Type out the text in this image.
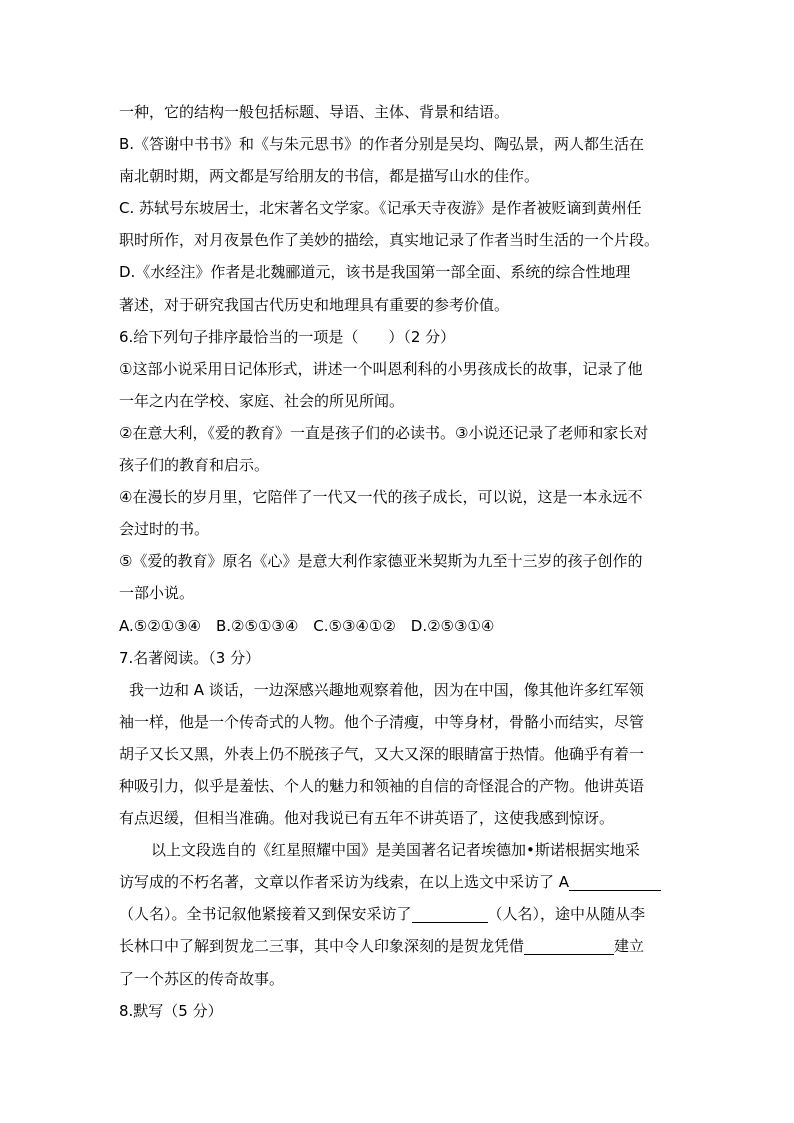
一种，它的结构一般包括标题、导语、主体、背景和结语。
B.《答谢中书书》和《与朱元思书》的作者分别是吴均、陶弘景，两人都生活在
南北朝时期，两文都是写给朋友的书信，都是描写山水的佳作。
C. 苏轼号东坡居士，北宋著名文学家。《记承天寺夜游》是作者被贬谪到黄州任
职时所作，对月夜景色作了美妙的描绘，真实地记录了作者当时生活的一个片段。
D.《水经注》作者是北魏郦道元，该书是我国第一部全面、系统的综合性地理
著述，对于研究我国古代历史和地理具有重要的参考价值。
6.给下列句子排序最恰当的一项是（　　）（2 分）
①这部小说采用日记体形式，讲述一个叫恩利科的小男孩成长的故事，记录了他
一年之内在学校、家庭、社会的所见所闻。
②在意大利，《爱的教育》一直是孩子们的必读书。③小说还记录了老师和家长对
孩子们的教育和启示。
④在漫长的岁月里，它陪伴了一代又一代的孩子成长，可以说，这是一本永远不
会过时的书。
⑤《爱的教育》原名《心》是意大利作家德亚米契斯为九至十三岁的孩子创作的
一部小说。
A.⑤②①③④　B.②⑤①③④　C.⑤③④①②　D.②⑤③①④
7.名著阅读。（3 分）
我一边和 A 谈话，一边深感兴趣地观察着他，因为在中国，像其他许多红军领
袖一样，他是一个传奇式的人物。他个子清瘦，中等身材，骨骼小而结实，尽管
胡子又长又黑，外表上仍不脱孩子气，又大又深的眼睛富于热情。他确乎有着一
种吸引力，似乎是羞怯、个人的魅力和领袖的自信的奇怪混合的产物。他讲英语
有点迟缓，但相当准确。他对我说已有五年不讲英语了，这使我感到惊讶。
以上文段选自的《红星照耀中国》是美国著名记者埃德加•斯诺根据实地采
访写成的不朽名著，文章以作者采访为线索，在以上选文中采访了 A
（人名）。全书记叙他紧接着又到保安采访了	（人名），途中从随从李
长林口中了解到贺龙二三事，其中令人印象深刻的是贺龙凭借	建立
了一个苏区的传奇故事。
8.默写（5 分）
